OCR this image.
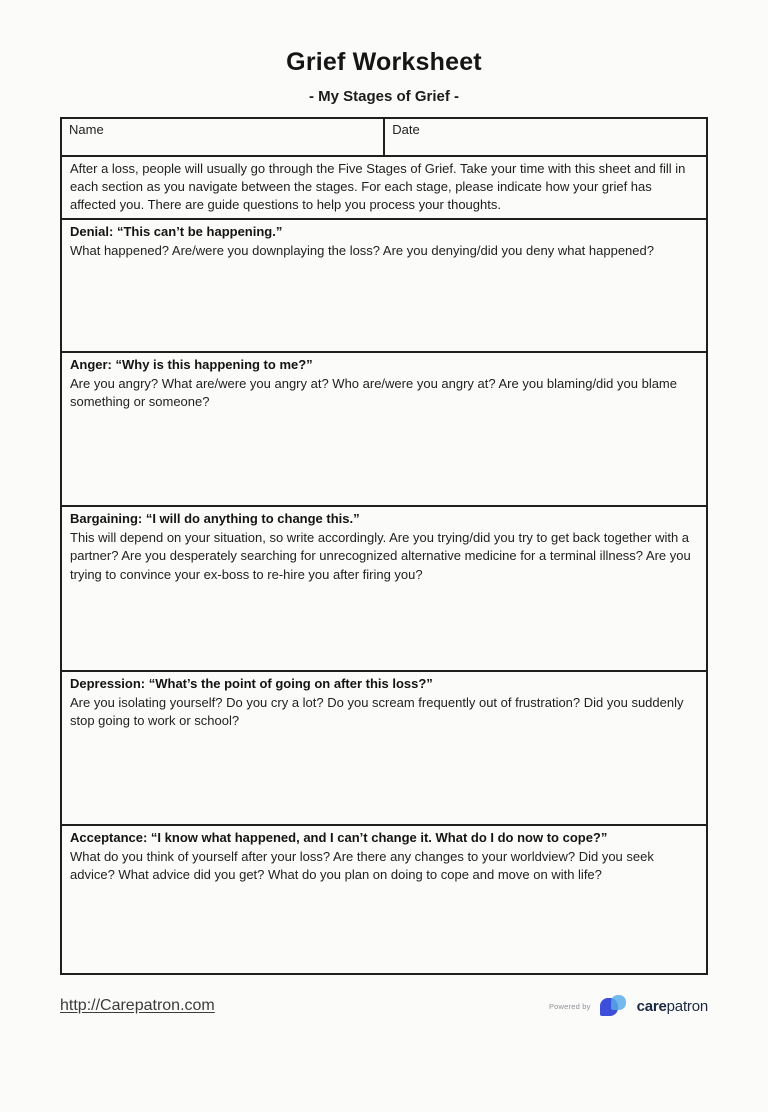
Grief Worksheet
- My Stages of Grief -
Name	Date
After a loss, people will usually go through the Five Stages of Grief. Take your time with this sheet and fill in each section as you navigate between the stages. For each stage, please indicate how your grief has affected you. There are guide questions to help you process your thoughts.
Denial: “This can’t be happening.”
What happened? Are/were you downplaying the loss? Are you denying/did you deny what happened?
Anger: “Why is this happening to me?”
Are you angry? What are/were you angry at? Who are/were you angry at? Are you blaming/did you blame something or someone?
Bargaining: “I will do anything to change this.”
This will depend on your situation, so write accordingly. Are you trying/did you try to get back together with a partner? Are you desperately searching for unrecognized alternative medicine for a terminal illness? Are you trying to convince your ex-boss to re-hire you after firing you?
Depression: “What’s the point of going on after this loss?”
Are you isolating yourself? Do you cry a lot? Do you scream frequently out of frustration? Did you suddenly stop going to work or school?
Acceptance: “I know what happened, and I can’t change it. What do I do now to cope?”
What do you think of yourself after your loss? Are there any changes to your worldview? Did you seek advice? What advice did you get? What do you plan on doing to cope and move on with life?
http://Carepatron.com	Powered by	carepatron
